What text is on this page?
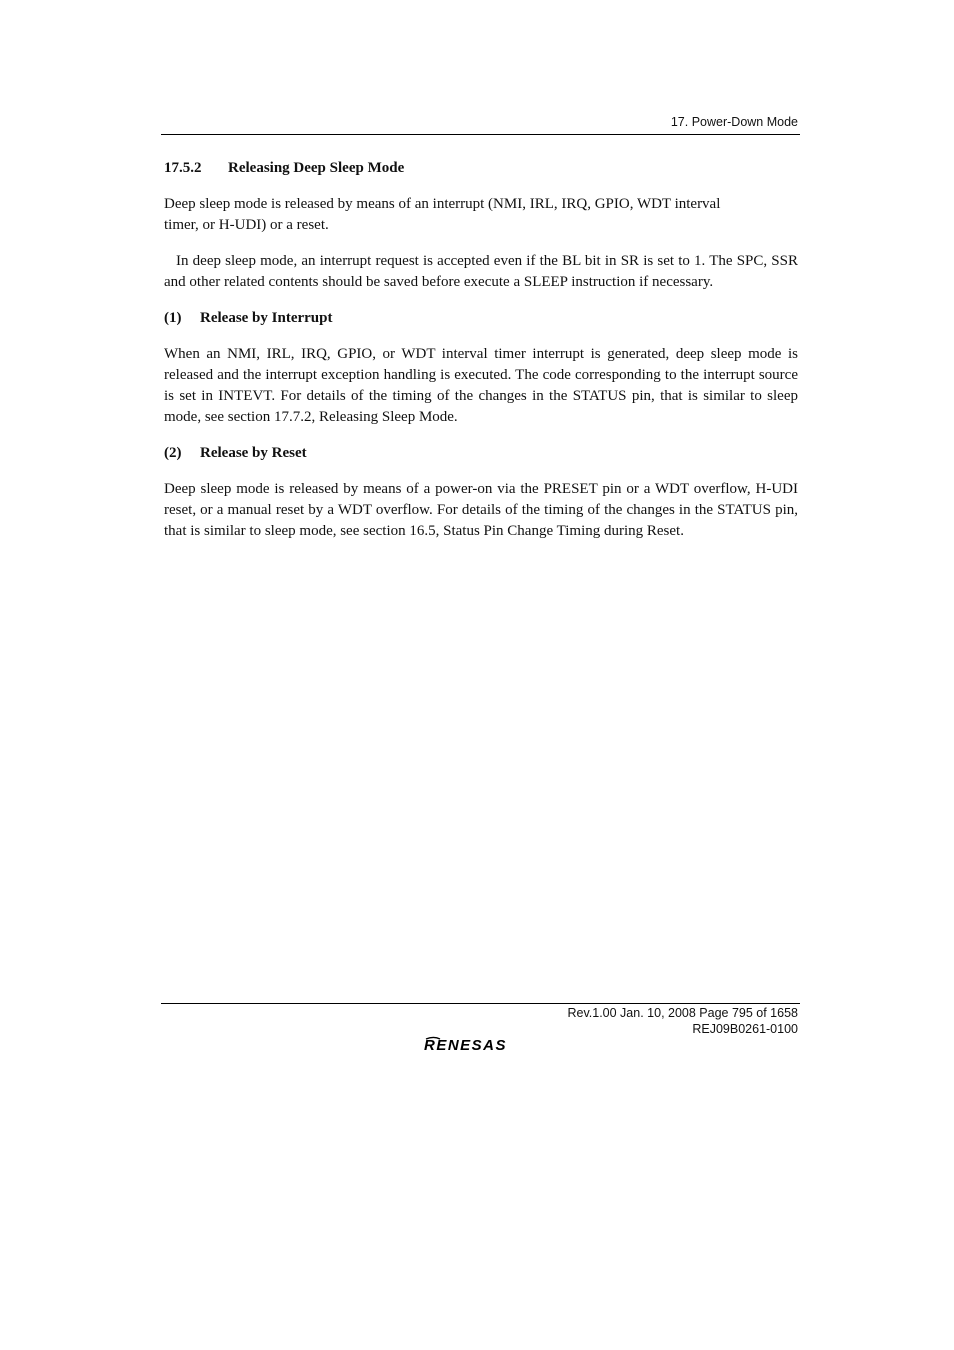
17. Power-Down Mode
17.5.2 Releasing Deep Sleep Mode

Deep sleep mode is released by means of an interrupt (NMI, IRL, IRQ, GPIO, WDT interval
timer, or H-UDI) or a reset.

In deep sleep mode, an interrupt request is accepted even if the BL bit in SR is set to 1. The SPC, SSR and other related contents should be saved before execute a SLEEP instruction if necessary.

(1) Release by Interrupt

When an NMI, IRL, IRQ, GPIO, or WDT interval timer interrupt is generated, deep sleep mode is released and the interrupt exception handling is executed. The code corresponding to the interrupt source is set in INTEVT. For details of the timing of the changes in the STATUS pin, that is similar to sleep mode, see section 17.7.2, Releasing Sleep Mode.

(2) Release by Reset

Deep sleep mode is released by means of a power-on via the PRESET pin or a WDT overflow, H-UDI reset, or a manual reset by a WDT overflow. For details of the timing of the changes in the STATUS pin, that is similar to sleep mode, see section 16.5, Status Pin Change Timing during Reset.

Rev.1.00 Jan. 10, 2008 Page 795 of 1658
REJ09B0261-0100
RENESAS
